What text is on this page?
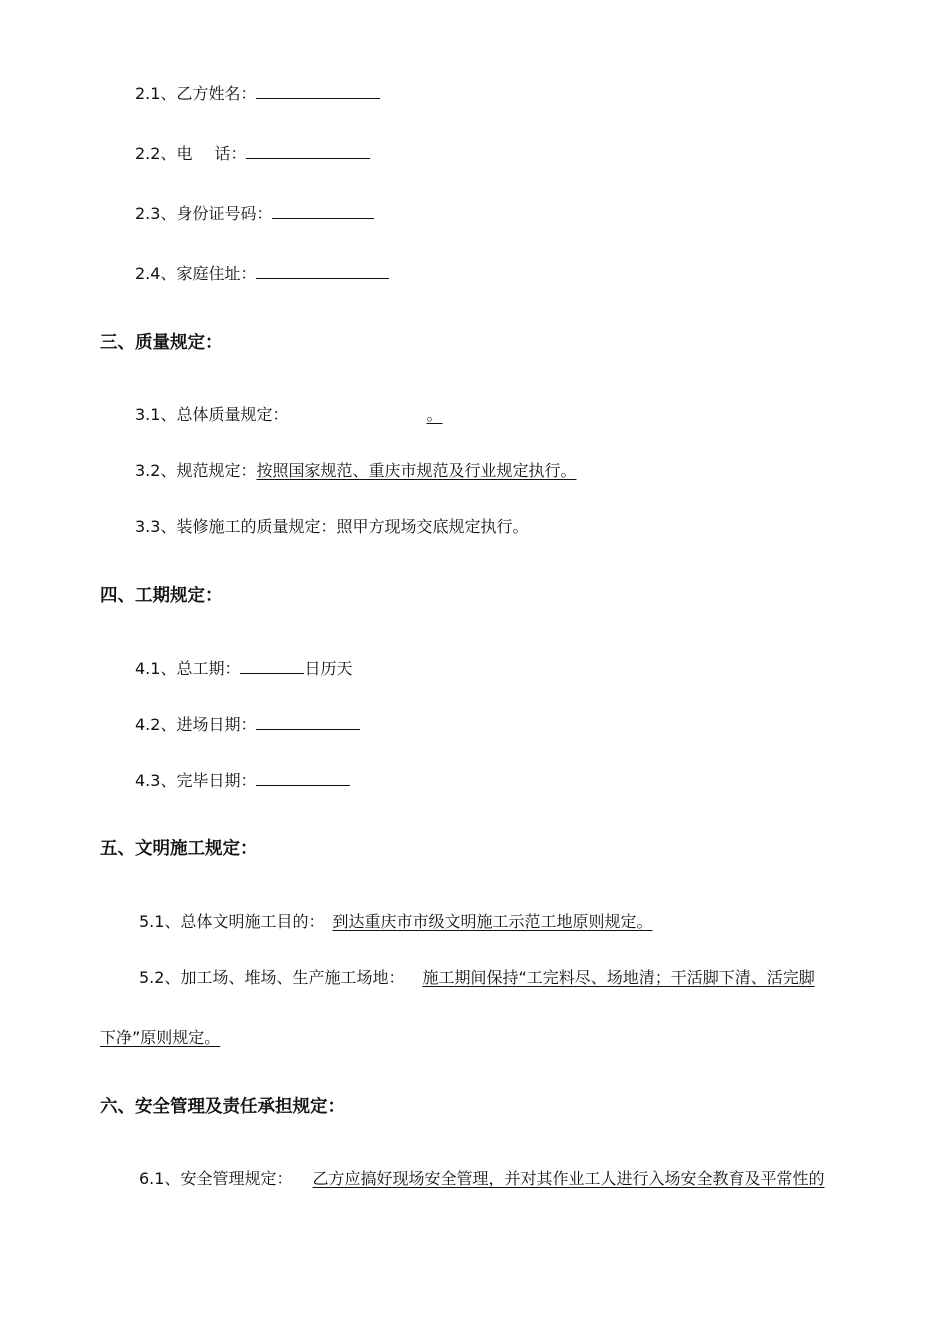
2.1、乙方姓名：
2.2、电 话：
2.3、身份证号码：
2.4、家庭住址：
三、质量规定：
3.1、总体质量规定：	。
3.2、规范规定：按照国家规范、重庆市规范及行业规定执行。
3.3、装修施工的质量规定：照甲方现场交底规定执行。
四、工期规定：
4.1、总工期：	日历天
4.2、进场日期：
4.3、完毕日期：
五、文明施工规定：
5.1、总体文明施工目的： 到达重庆市市级文明施工示范工地原则规定。
5.2、加工场、堆场、生产施工场地： 施工期间保持“工完料尽、场地清；干活脚下清、活完脚
下净”原则规定。
六、安全管理及责任承担规定：
6.1、安全管理规定： 乙方应搞好现场安全管理，并对其作业工人进行入场安全教育及平常性的
